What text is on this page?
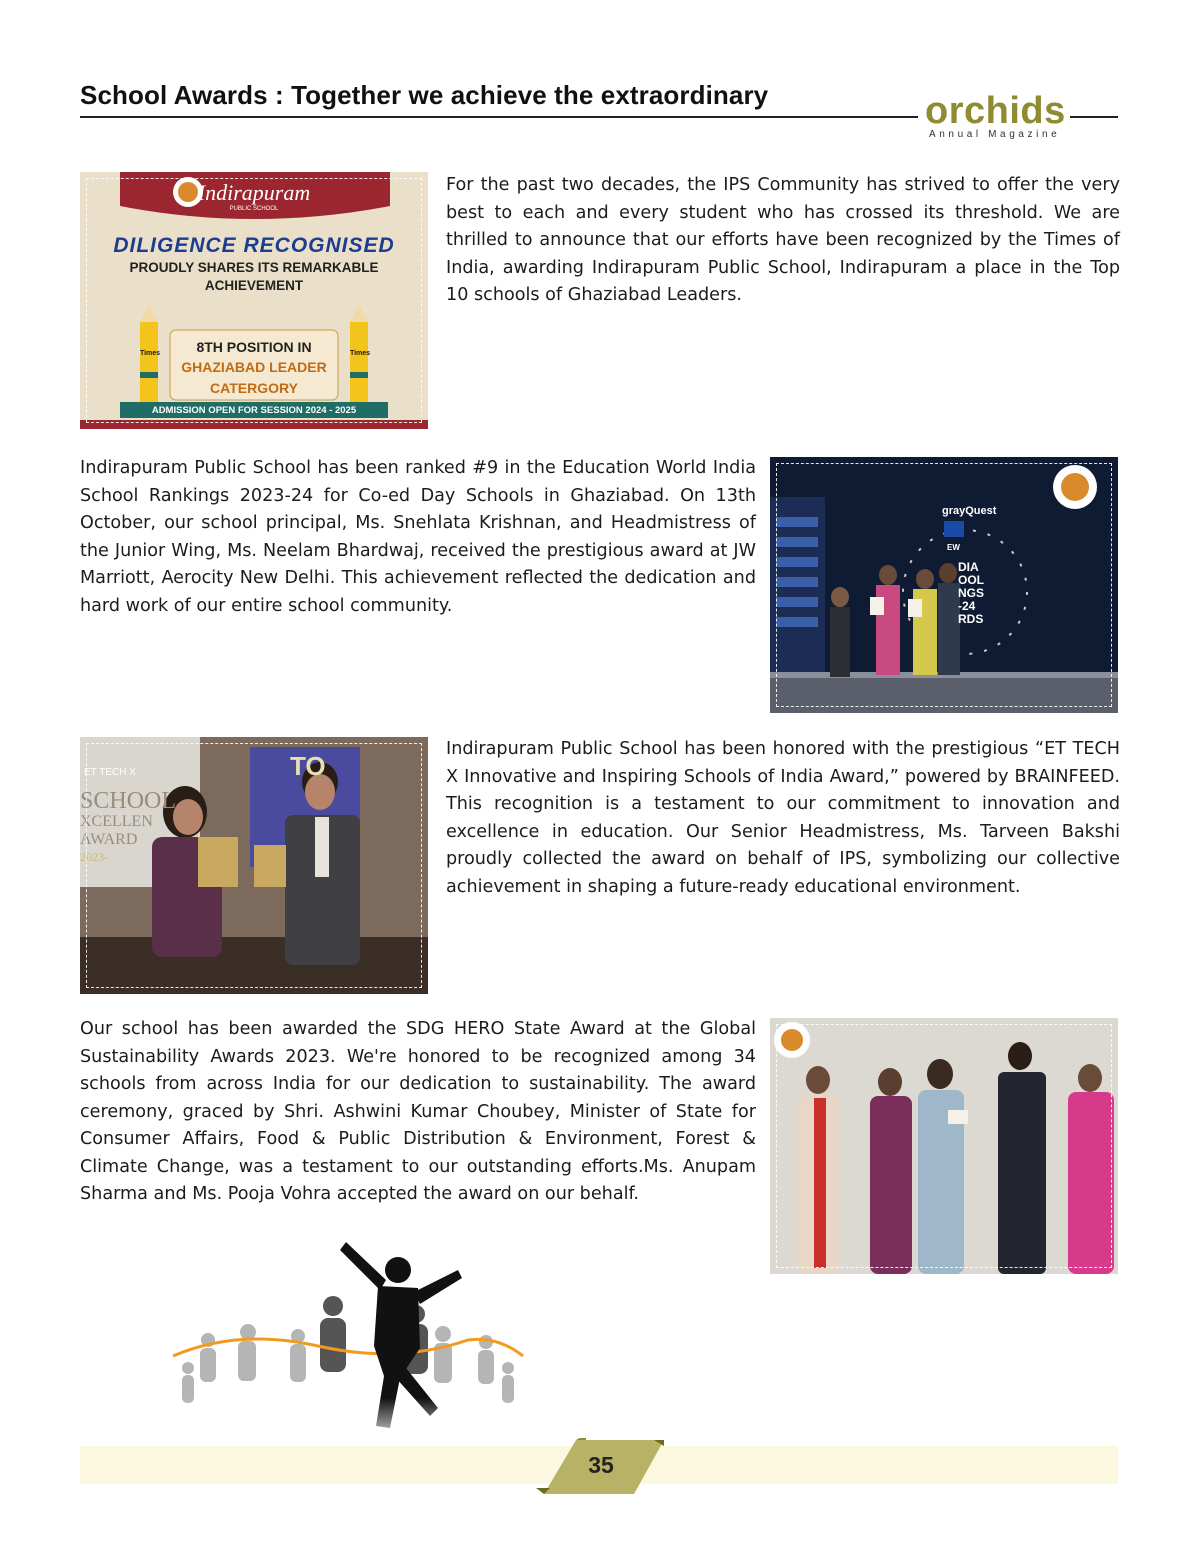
School Awards : Together we achieve the extraordinary	orchids
Annual Magazine
Indirapuram
PUBLIC SCHOOL
DILIGENCE RECOGNISED
PROUDLY SHARES ITS REMARKABLE
ACHIEVEMENT
8TH POSITION IN
GHAZIABAD LEADER
CATERGORY
ADMISSION OPEN FOR SESSION 2024 - 2025
Times	Times
For the past two decades, the IPS Community has strived to offer the very best to each and every student who has crossed its threshold. We are thrilled to announce that our efforts have been recognized by the Times of India, awarding Indirapuram Public School, Indirapuram a place in the Top 10 schools of Ghaziabad Leaders.
Indirapuram Public School has been ranked #9 in the Education World India School Rankings 2023-24 for Co-ed Day Schools in Ghaziabad. On 13th October, our school principal, Ms. Snehlata Krishnan, and Headmistress of the Junior Wing, Ms. Neelam Bhardwaj, received the prestigious award at JW Marriott, Aerocity New Delhi. This achievement reflected the dedication and hard work of our entire school community.
grayQuest
EW
DIA
OOL
NGS
-24
RDS
ET TECH X
SCHOOL
XCELLEN
AWARD
2023-
TO
Indirapuram Public School has been honored with the prestigious “ET TECH X Innovative and Inspiring Schools of India Award,” powered by BRAINFEED. This recognition is a testament to our commitment to innovation and excellence in education. Our Senior Headmistress, Ms. Tarveen Bakshi proudly collected the award on behalf of IPS, symbolizing our collective achievement in shaping a future-ready educational environment.
Our school has been awarded the SDG HERO State Award at the Global Sustainability Awards 2023. We're honored to be recognized among 34 schools from across India for our dedication to sustainability. The award ceremony, graced by Shri. Ashwini Kumar Choubey, Minister of State for Consumer Affairs, Food & Public Distribution & Environment, Forest & Climate Change, was a testament to our outstanding efforts.Ms. Anupam Sharma and Ms. Pooja Vohra accepted the award on our behalf.
35
